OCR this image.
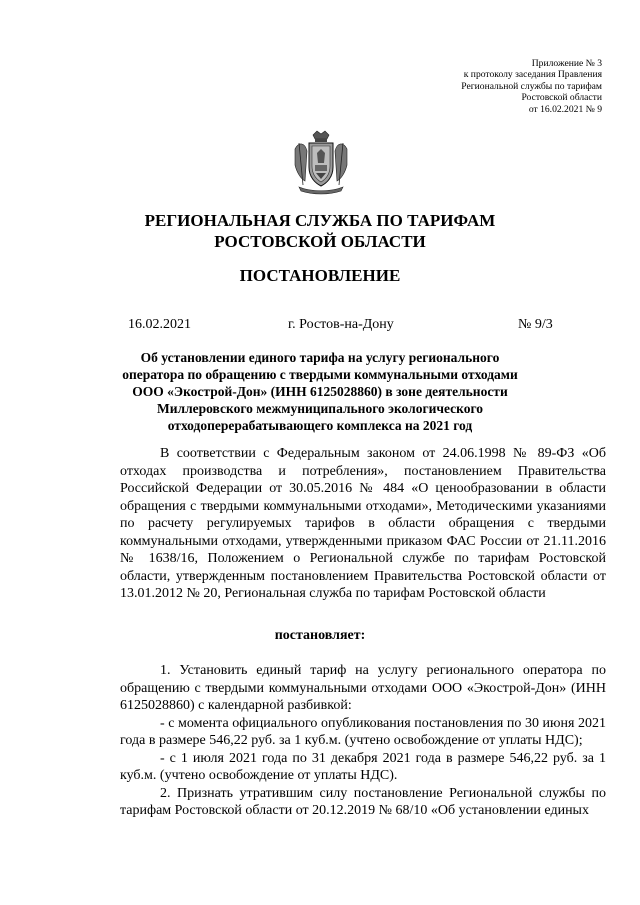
Приложение № 3
к протоколу заседания Правления
Региональной службы по тарифам
Ростовской области
от 16.02.2021 № 9
РЕГИОНАЛЬНАЯ СЛУЖБА ПО ТАРИФАМ
РОСТОВСКОЙ ОБЛАСТИ
ПОСТАНОВЛЕНИЕ
16.02.2021	г. Ростов-на-Дону	№ 9/3
Об установлении единого тарифа на услугу регионального оператора по обращению с твердыми коммунальными отходами ООО «Экострой-Дон» (ИНН 6125028860) в зоне деятельности Миллеровского межмуниципального экологического отходоперерабатывающего комплекса на 2021 год

В соответствии с Федеральным законом от 24.06.1998 № 89-ФЗ «Об отходах производства и потребления», постановлением Правительства Российской Федерации от 30.05.2016 № 484 «О ценообразовании в области обращения с твердыми коммунальными отходами», Методическими указаниями по расчету регулируемых тарифов в области обращения с твердыми коммунальными отходами, утвержденными приказом ФАС России от 21.11.2016 № 1638/16, Положением о Региональной службе по тарифам Ростовской области, утвержденным постановлением Правительства Ростовской области от 13.01.2012 № 20, Региональная служба по тарифам Ростовской области

постановляет:

1. Установить единый тариф на услугу регионального оператора по обращению с твердыми коммунальными отходами ООО «Экострой-Дон» (ИНН 6125028860) с календарной разбивкой:

- с момента официального опубликования постановления по 30 июня 2021 года в размере 546,22 руб. за 1 куб.м. (учтено освобождение от уплаты НДС);

- с 1 июля 2021 года по 31 декабря 2021 года в размере 546,22 руб. за 1 куб.м. (учтено освобождение от уплаты НДС).

2. Признать утратившим силу постановление Региональной службы по тарифам Ростовской области от 20.12.2019 № 68/10 «Об установлении единых
